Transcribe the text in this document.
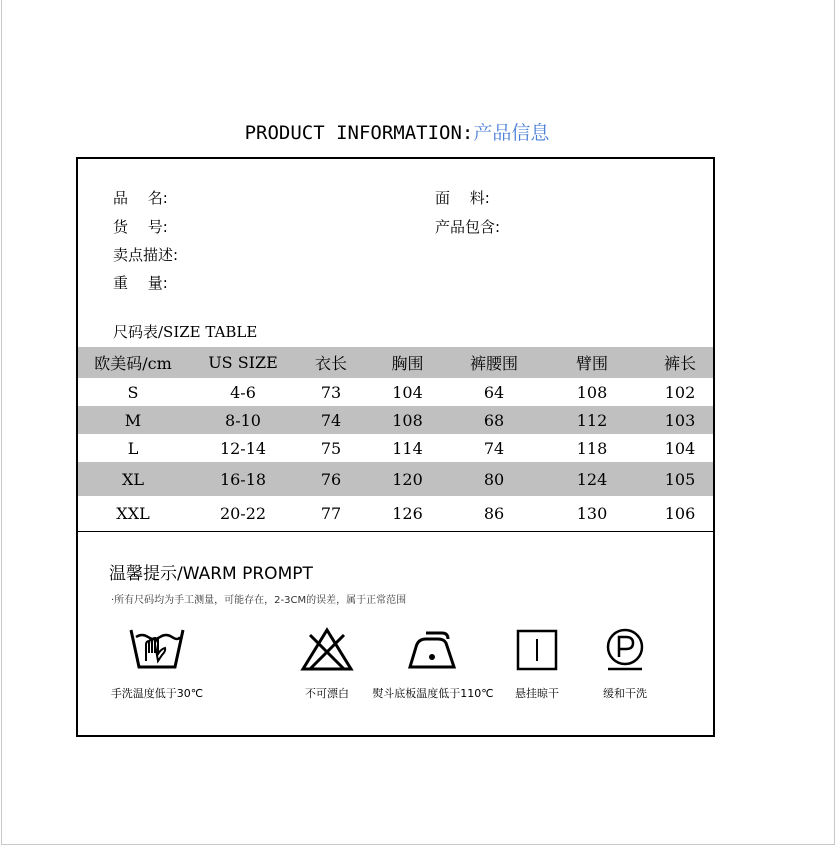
PRODUCT INFORMATION:产品信息
品　 名:	面　 料:
货　 号:	产品包含:
卖点描述:
重　 量:
尺码表/SIZE TABLE
欧美码/cm	US SIZE	衣长	胸围	裤腰围	臂围	裤长
S	4-6	73	104	64	108	102
M	8-10	74	108	68	112	103
L	12-14	75	114	74	118	104
XL	16-18	76	120	80	124	105
XXL	20-22	77	126	86	130	106
温馨提示/WARM PROMPT
·所有尺码均为手工测量，可能存在，2-3CM的误差，属于正常范围
手洗温度低于30℃	不可漂白	熨斗底板温度低于110℃	悬挂晾干	缓和干洗
